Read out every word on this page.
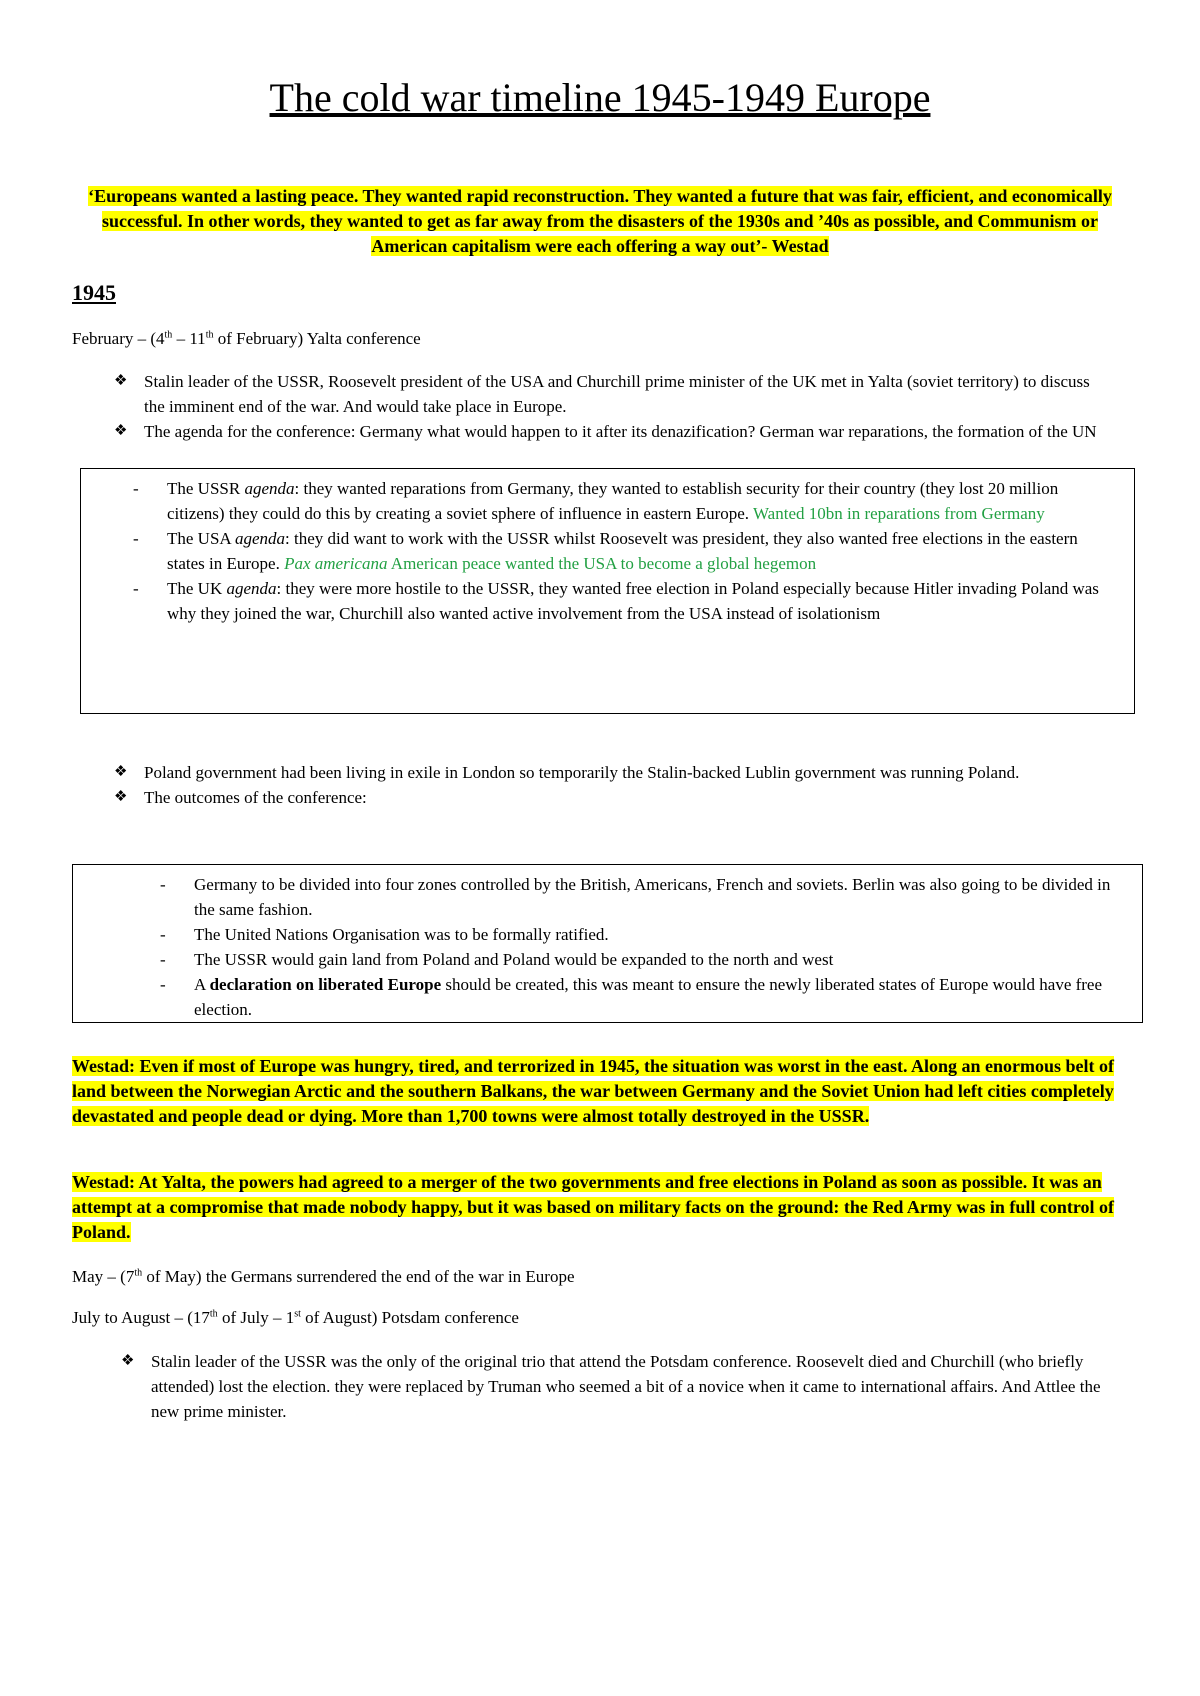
The cold war timeline 1945-1949 Europe
‘Europeans wanted a lasting peace. They wanted rapid reconstruction. They wanted a future that was fair, efficient, and economically successful. In other words, they wanted to get as far away from the disasters of the 1930s and ’40s as possible, and Communism or American capitalism were each offering a way out’- Westad
1945
February – (4th – 11th of February) Yalta conference
❖ Stalin leader of the USSR, Roosevelt president of the USA and Churchill prime minister of the UK met in Yalta (soviet territory) to discuss the imminent end of the war. And would take place in Europe.
❖ The agenda for the conference: Germany what would happen to it after its denazification? German war reparations, the formation of the UN
- The USSR agenda: they wanted reparations from Germany, they wanted to establish security for their country (they lost 20 million citizens) they could do this by creating a soviet sphere of influence in eastern Europe. Wanted 10bn in reparations from Germany
- The USA agenda: they did want to work with the USSR whilst Roosevelt was president, they also wanted free elections in the eastern states in Europe. Pax americana American peace wanted the USA to become a global hegemon
- The UK agenda: they were more hostile to the USSR, they wanted free election in Poland especially because Hitler invading Poland was why they joined the war, Churchill also wanted active involvement from the USA instead of isolationism
❖ Poland government had been living in exile in London so temporarily the Stalin-backed Lublin government was running Poland.
❖ The outcomes of the conference:
- Germany to be divided into four zones controlled by the British, Americans, French and soviets. Berlin was also going to be divided in the same fashion.
- The United Nations Organisation was to be formally ratified.
- The USSR would gain land from Poland and Poland would be expanded to the north and west
- A declaration on liberated Europe should be created, this was meant to ensure the newly liberated states of Europe would have free election.
Westad: Even if most of Europe was hungry, tired, and terrorized in 1945, the situation was worst in the east. Along an enormous belt of land between the Norwegian Arctic and the southern Balkans, the war between Germany and the Soviet Union had left cities completely devastated and people dead or dying. More than 1,700 towns were almost totally destroyed in the USSR.
Westad: At Yalta, the powers had agreed to a merger of the two governments and free elections in Poland as soon as possible. It was an attempt at a compromise that made nobody happy, but it was based on military facts on the ground: the Red Army was in full control of Poland.
May – (7th of May) the Germans surrendered the end of the war in Europe
July to August – (17th of July – 1st of August) Potsdam conference
❖ Stalin leader of the USSR was the only of the original trio that attend the Potsdam conference. Roosevelt died and Churchill (who briefly attended) lost the election. they were replaced by Truman who seemed a bit of a novice when it came to international affairs. And Attlee the new prime minister.
